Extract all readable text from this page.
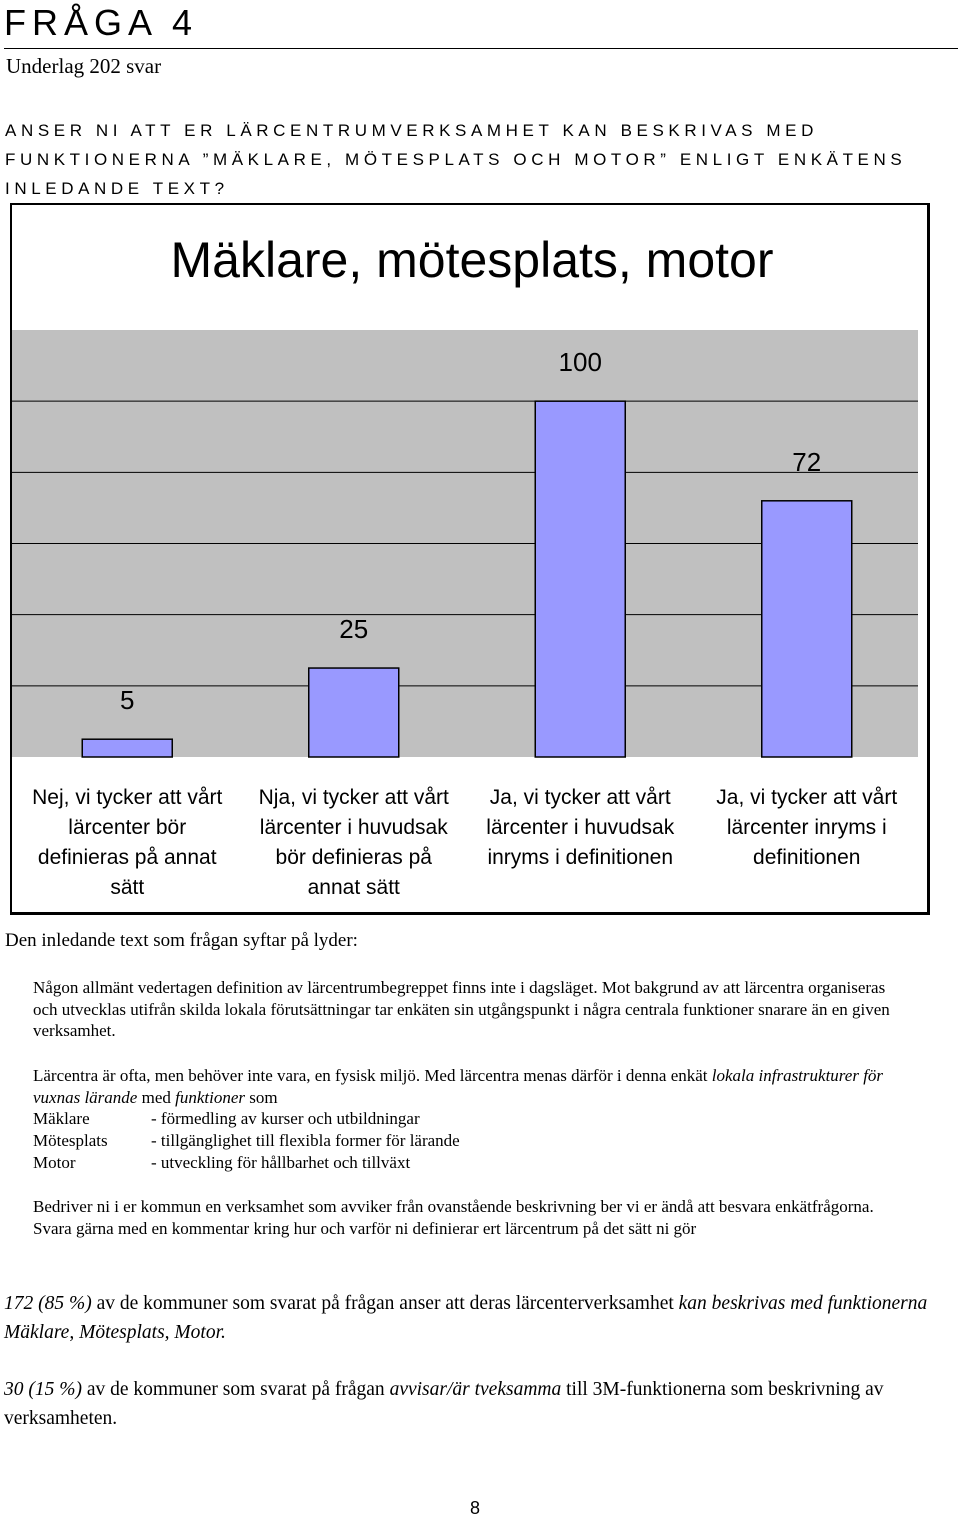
FRÅGA 4
Underlag 202 svar
ANSER NI ATT ER LÄRCENTRUMVERKSAMHET KAN BESKRIVAS MED FUNKTIONERNA ”MÄKLARE, MÖTESPLATS OCH MOTOR” ENLIGT ENKÄTENS INLEDANDE TEXT?
Mäklare, mötesplats, motor
5
Nej, vi tycker att vårt lärcenter bör definieras på annat sätt
25
Nja, vi tycker att vårt lärcenter i huvudsak bör definieras på annat sätt
100
Ja, vi tycker att vårt lärcenter i huvudsak inryms i definitionen
72
Ja, vi tycker att vårt lärcenter inryms i definitionen
Den inledande text som frågan syftar på lyder:

Någon allmänt vedertagen definition av lärcentrumbegreppet finns inte i dagsläget. Mot bakgrund av att lärcentra organiseras och utvecklas utifrån skilda lokala förutsättningar tar enkäten sin utgångspunkt i några centrala funktioner snarare än en given verksamhet.

Lärcentra är ofta, men behöver inte vara, en fysisk miljö. Med lärcentra menas därför i denna enkät lokala infrastrukturer för vuxnas lärande med funktioner som

Mäklare	- förmedling av kurser och utbildningar
Mötesplats	- tillgänglighet till flexibla former för lärande
Motor	- utveckling för hållbarhet och tillväxt

Bedriver ni i er kommun en verksamhet som avviker från ovanstående beskrivning ber vi er ändå att besvara enkätfrågorna. Svara gärna med en kommentar kring hur och varför ni definierar ert lärcentrum på det sätt ni gör

172 (85 %) av de kommuner som svarat på frågan anser att deras lärcenterverksamhet kan beskrivas med funktionerna Mäklare, Mötesplats, Motor.

30 (15 %) av de kommuner som svarat på frågan avvisar/är tveksamma till 3M-funktionerna som beskrivning av verksamheten.

8
